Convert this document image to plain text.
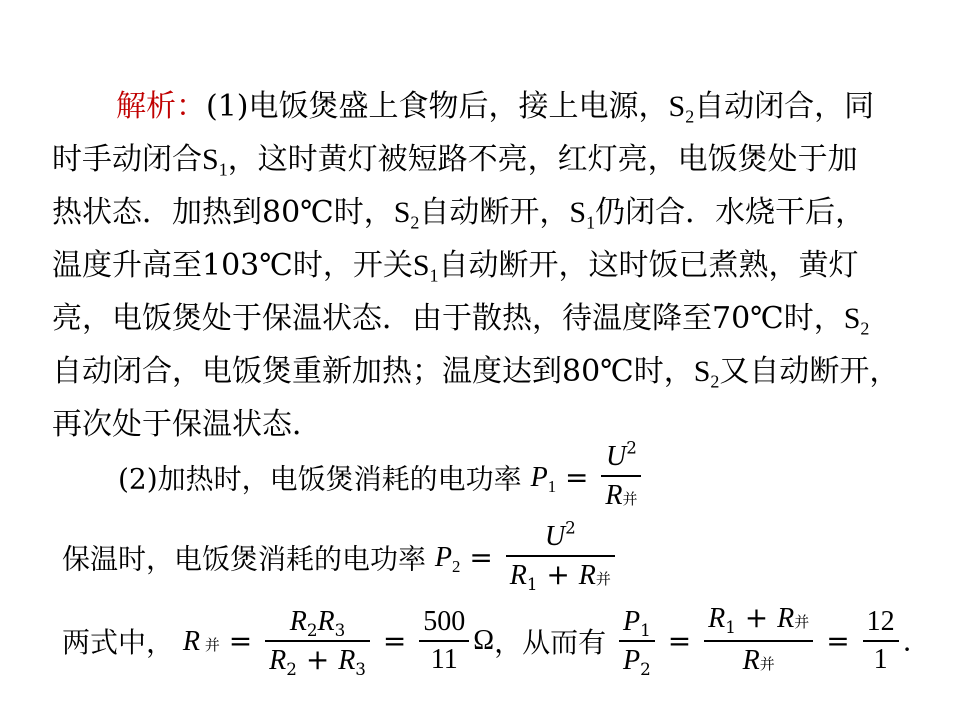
解析：(1)电饭煲盛上食物后，接上电源，$S_2$自动闭合，同
时手动闭合$S_1$，这时黄灯被短路不亮，红灯亮，电饭煲处于加
热状态．加热到80℃时，$S_2$自动断开，$S_1$仍闭合．水烧干后，
温度升高至103℃时，开关$S_1$自动断开，这时饭已煮熟，黄灯
亮，电饭煲处于保温状态．由于散热，待温度降至70℃时，$S_2$
自动闭合，电饭煲重新加热；温度达到80℃时，$S_2$又自动断开，
再次处于保温状态．
(2)加热时，电饭煲消耗的电功率 $P_1 = \frac{U^2}{\text{R并}}$
保温时，电饭煲消耗的电功率 $P_2 = \frac{U^2}{R_1 + R并}$
两式中， R 并 = $\frac{R_2R_3}{R_2 + R_3} = \frac{500}{11}$ Ω，从而有 $\frac{P_1}{P_2} = \frac{R_1 + R并}{\text{R并}} = \frac{12}{1}$ .
